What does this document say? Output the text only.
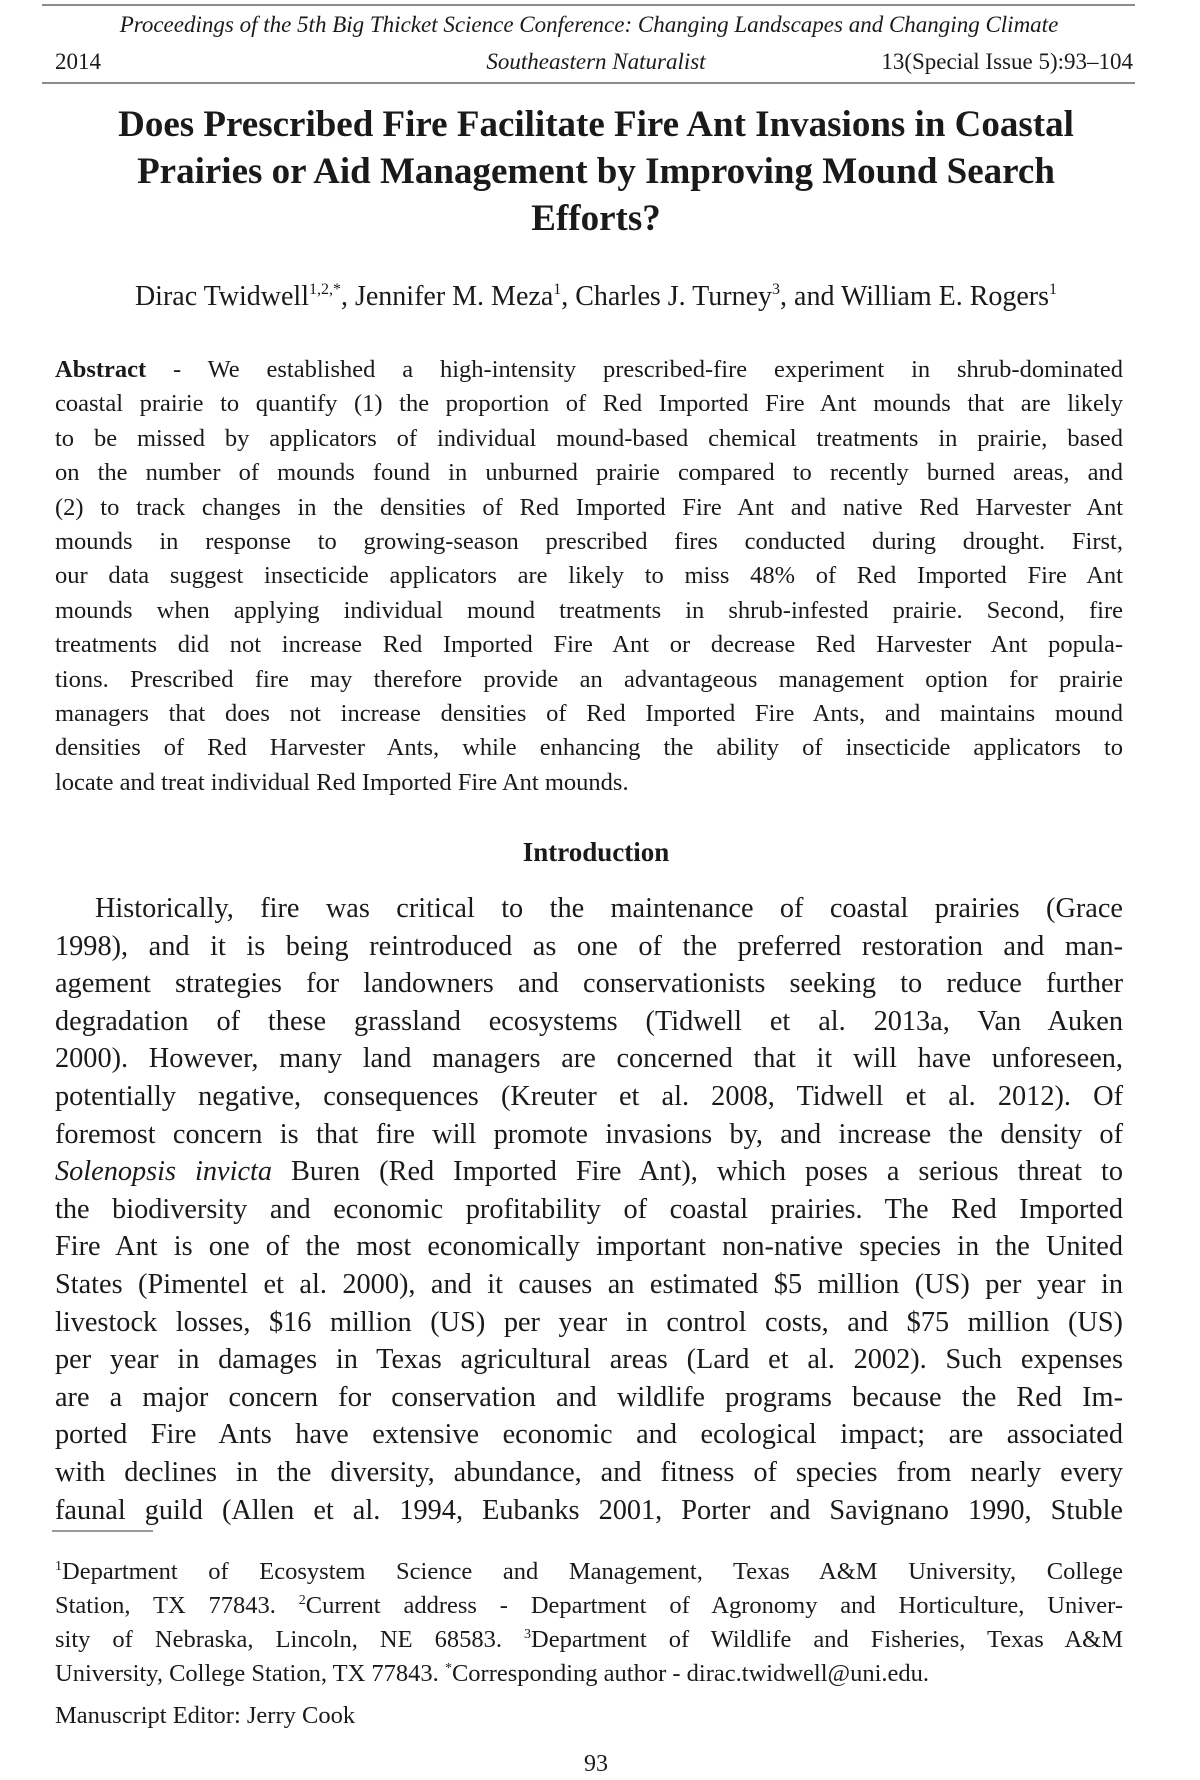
Proceedings of the 5th Big Thicket Science Conference: Changing Landscapes and Changing Climate
2014	Southeastern Naturalist	13(Special Issue 5):93–104
Does Prescribed Fire Facilitate Fire Ant Invasions in Coastal
Prairies or Aid Management by Improving Mound Search
Efforts?
Dirac Twidwell$^{1,2,*}$, Jennifer M. Meza$^1$, Charles J. Turney$^3$, and William E. Rogers$^1$
Abstract - We established a high-intensity prescribed-fire experiment in shrub-dominated
coastal prairie to quantify (1) the proportion of Red Imported Fire Ant mounds that are likely
to be missed by applicators of individual mound-based chemical treatments in prairie, based
on the number of mounds found in unburned prairie compared to recently burned areas, and
(2) to track changes in the densities of Red Imported Fire Ant and native Red Harvester Ant
mounds in response to growing-season prescribed fires conducted during drought. First,
our data suggest insecticide applicators are likely to miss 48% of Red Imported Fire Ant
mounds when applying individual mound treatments in shrub-infested prairie. Second, fire
treatments did not increase Red Imported Fire Ant or decrease Red Harvester Ant popula-
tions. Prescribed fire may therefore provide an advantageous management option for prairie
managers that does not increase densities of Red Imported Fire Ants, and maintains mound
densities of Red Harvester Ants, while enhancing the ability of insecticide applicators to
locate and treat individual Red Imported Fire Ant mounds.
Introduction
Historically, fire was critical to the maintenance of coastal prairies (Grace
1998), and it is being reintroduced as one of the preferred restoration and man-
agement strategies for landowners and conservationists seeking to reduce further
degradation of these grassland ecosystems (Tidwell et al. 2013a, Van Auken
2000). However, many land managers are concerned that it will have unforeseen,
potentially negative, consequences (Kreuter et al. 2008, Tidwell et al. 2012). Of
foremost concern is that fire will promote invasions by, and increase the density of
Solenopsis invicta Buren (Red Imported Fire Ant), which poses a serious threat to
the biodiversity and economic profitability of coastal prairies. The Red Imported
Fire Ant is one of the most economically important non-native species in the United
States (Pimentel et al. 2000), and it causes an estimated $5 million (US) per year in
livestock losses, $16 million (US) per year in control costs, and $75 million (US)
per year in damages in Texas agricultural areas (Lard et al. 2002). Such expenses
are a major concern for conservation and wildlife programs because the Red Im-
ported Fire Ants have extensive economic and ecological impact; are associated
with declines in the diversity, abundance, and fitness of species from nearly every
faunal guild (Allen et al. 1994, Eubanks 2001, Porter and Savignano 1990, Stuble
$^1$Department of Ecosystem Science and Management, Texas A&M University, College
Station, TX 77843. $^2$Current address - Department of Agronomy and Horticulture, Univer-
sity of Nebraska, Lincoln, NE 68583. $^3$Department of Wildlife and Fisheries, Texas A&M
University, College Station, TX 77843. *Corresponding author - dirac.twidwell@uni.edu.
Manuscript Editor: Jerry Cook
93
